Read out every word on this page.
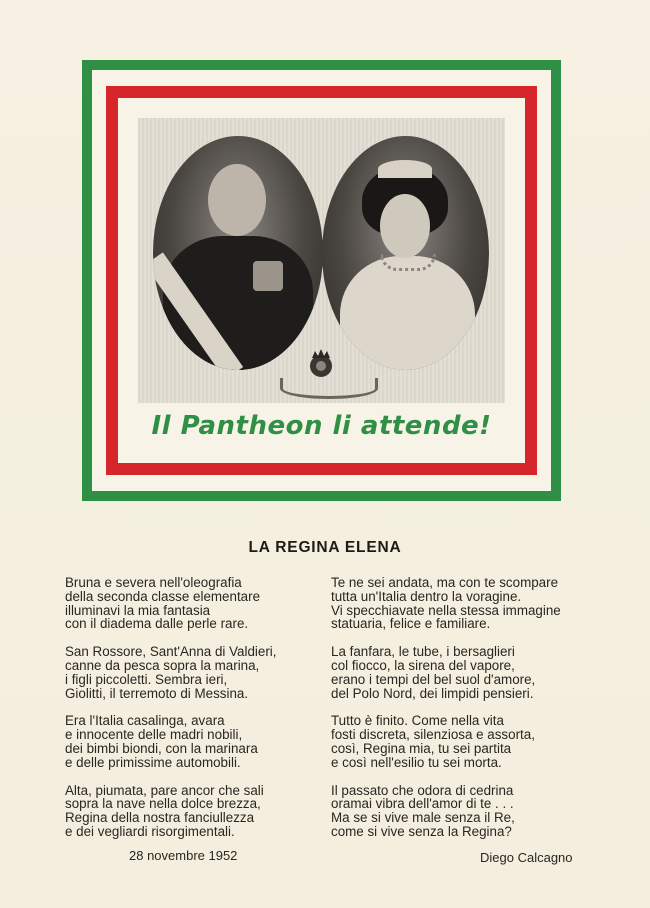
Il Pantheon li attende!
LA REGINA ELENA
Bruna e severa nell'oleografia
della seconda classe elementare
illuminavi la mia fantasia
con il diadema dalle perle rare.
San Rossore, Sant'Anna di Valdieri,
canne da pesca sopra la marina,
i figli piccoletti. Sembra ieri,
Giolitti, il terremoto di Messina.
Era l'Italia casalinga, avara
e innocente delle madri nobili,
dei bimbi biondi, con la marinara
e delle primissime automobili.
Alta, piumata, pare ancor che sali
sopra la nave nella dolce brezza,
Regina della nostra fanciullezza
e dei vegliardi risorgimentali.
Te ne sei andata, ma con te scompare
tutta un'Italia dentro la voragine.
Vi specchiavate nella stessa immagine
statuaria, felice e familiare.
La fanfara, le tube, i bersaglieri
col fiocco, la sirena del vapore,
erano i tempi del bel suol d'amore,
del Polo Nord, dei limpidi pensieri.
Tutto è finito. Come nella vita
fosti discreta, silenziosa e assorta,
così, Regina mia, tu sei partita
e così nell'esilio tu sei morta.
Il passato che odora di cedrina
oramai vibra dell'amor di te . . .
Ma se si vive male senza il Re,
come si vive senza la Regina?
28 novembre 1952	Diego Calcagno
